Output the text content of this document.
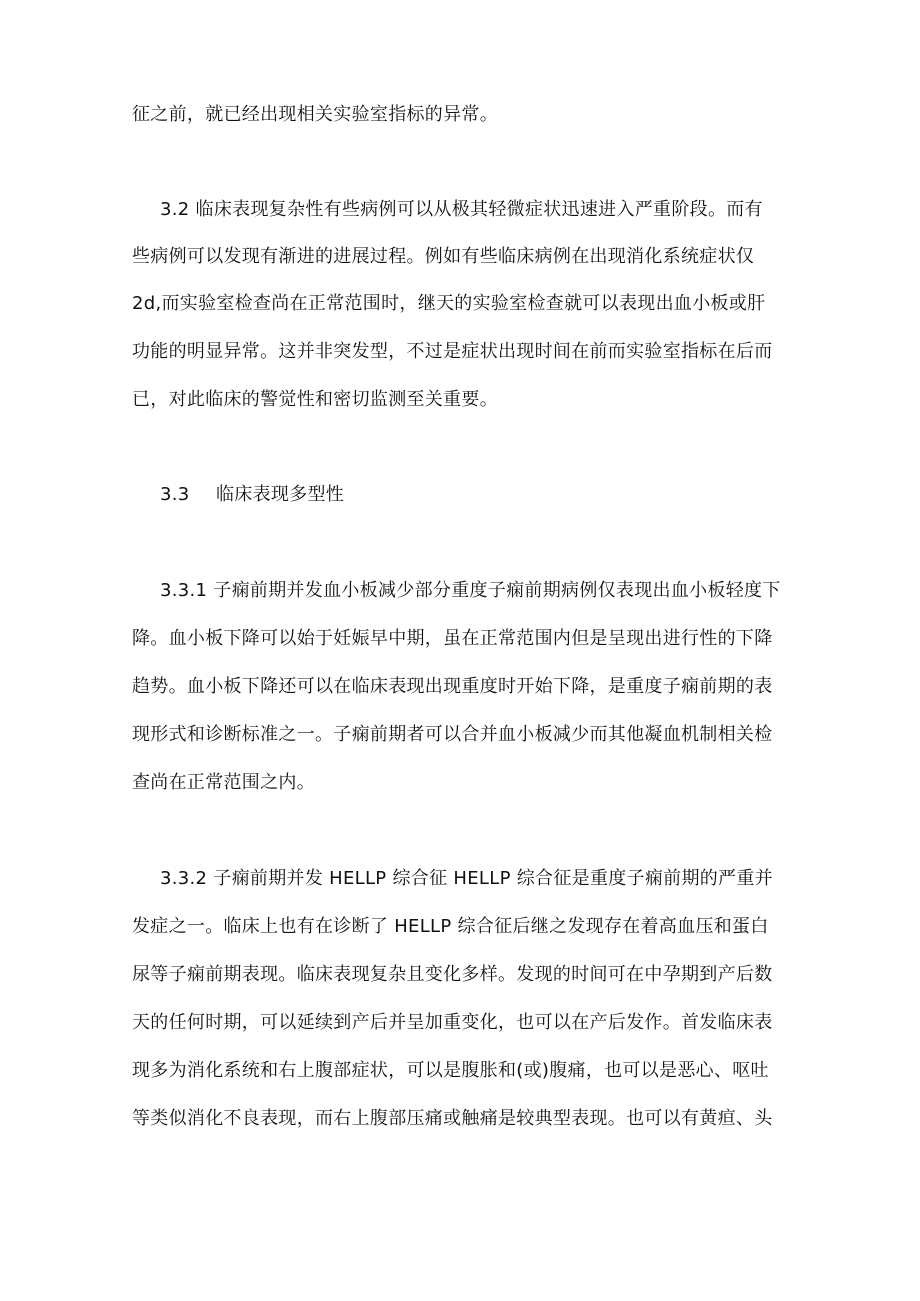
征之前，就已经出现相关实验室指标的异常。

3.2 临床表现复杂性有些病例可以从极其轻微症状迅速进入严重阶段。而有

些病例可以发现有渐进的进展过程。例如有些临床病例在出现消化系统症状仅

2d,而实验室检查尚在正常范围时，继天的实验室检查就可以表现出血小板或肝

功能的明显异常。这并非突发型，不过是症状出现时间在前而实验室指标在后而

已，对此临床的警觉性和密切监测至关重要。

3.3 临床表现多型性

3.3.1 子痫前期并发血小板减少部分重度子痫前期病例仅表现出血小板轻度下

降。血小板下降可以始于妊娠早中期，虽在正常范围内但是呈现出进行性的下降

趋势。血小板下降还可以在临床表现出现重度时开始下降，是重度子痫前期的表

现形式和诊断标准之一。子痫前期者可以合并血小板减少而其他凝血机制相关检

查尚在正常范围之内。

3.3.2 子痫前期并发 HELLP 综合征 HELLP 综合征是重度子痫前期的严重并

发症之一。临床上也有在诊断了 HELLP 综合征后继之发现存在着高血压和蛋白

尿等子痫前期表现。临床表现复杂且变化多样。发现的时间可在中孕期到产后数

天的任何时期，可以延续到产后并呈加重变化，也可以在产后发作。首发临床表

现多为消化系统和右上腹部症状，可以是腹胀和(或)腹痛，也可以是恶心、呕吐

等类似消化不良表现，而右上腹部压痛或触痛是较典型表现。也可以有黄疸、头
